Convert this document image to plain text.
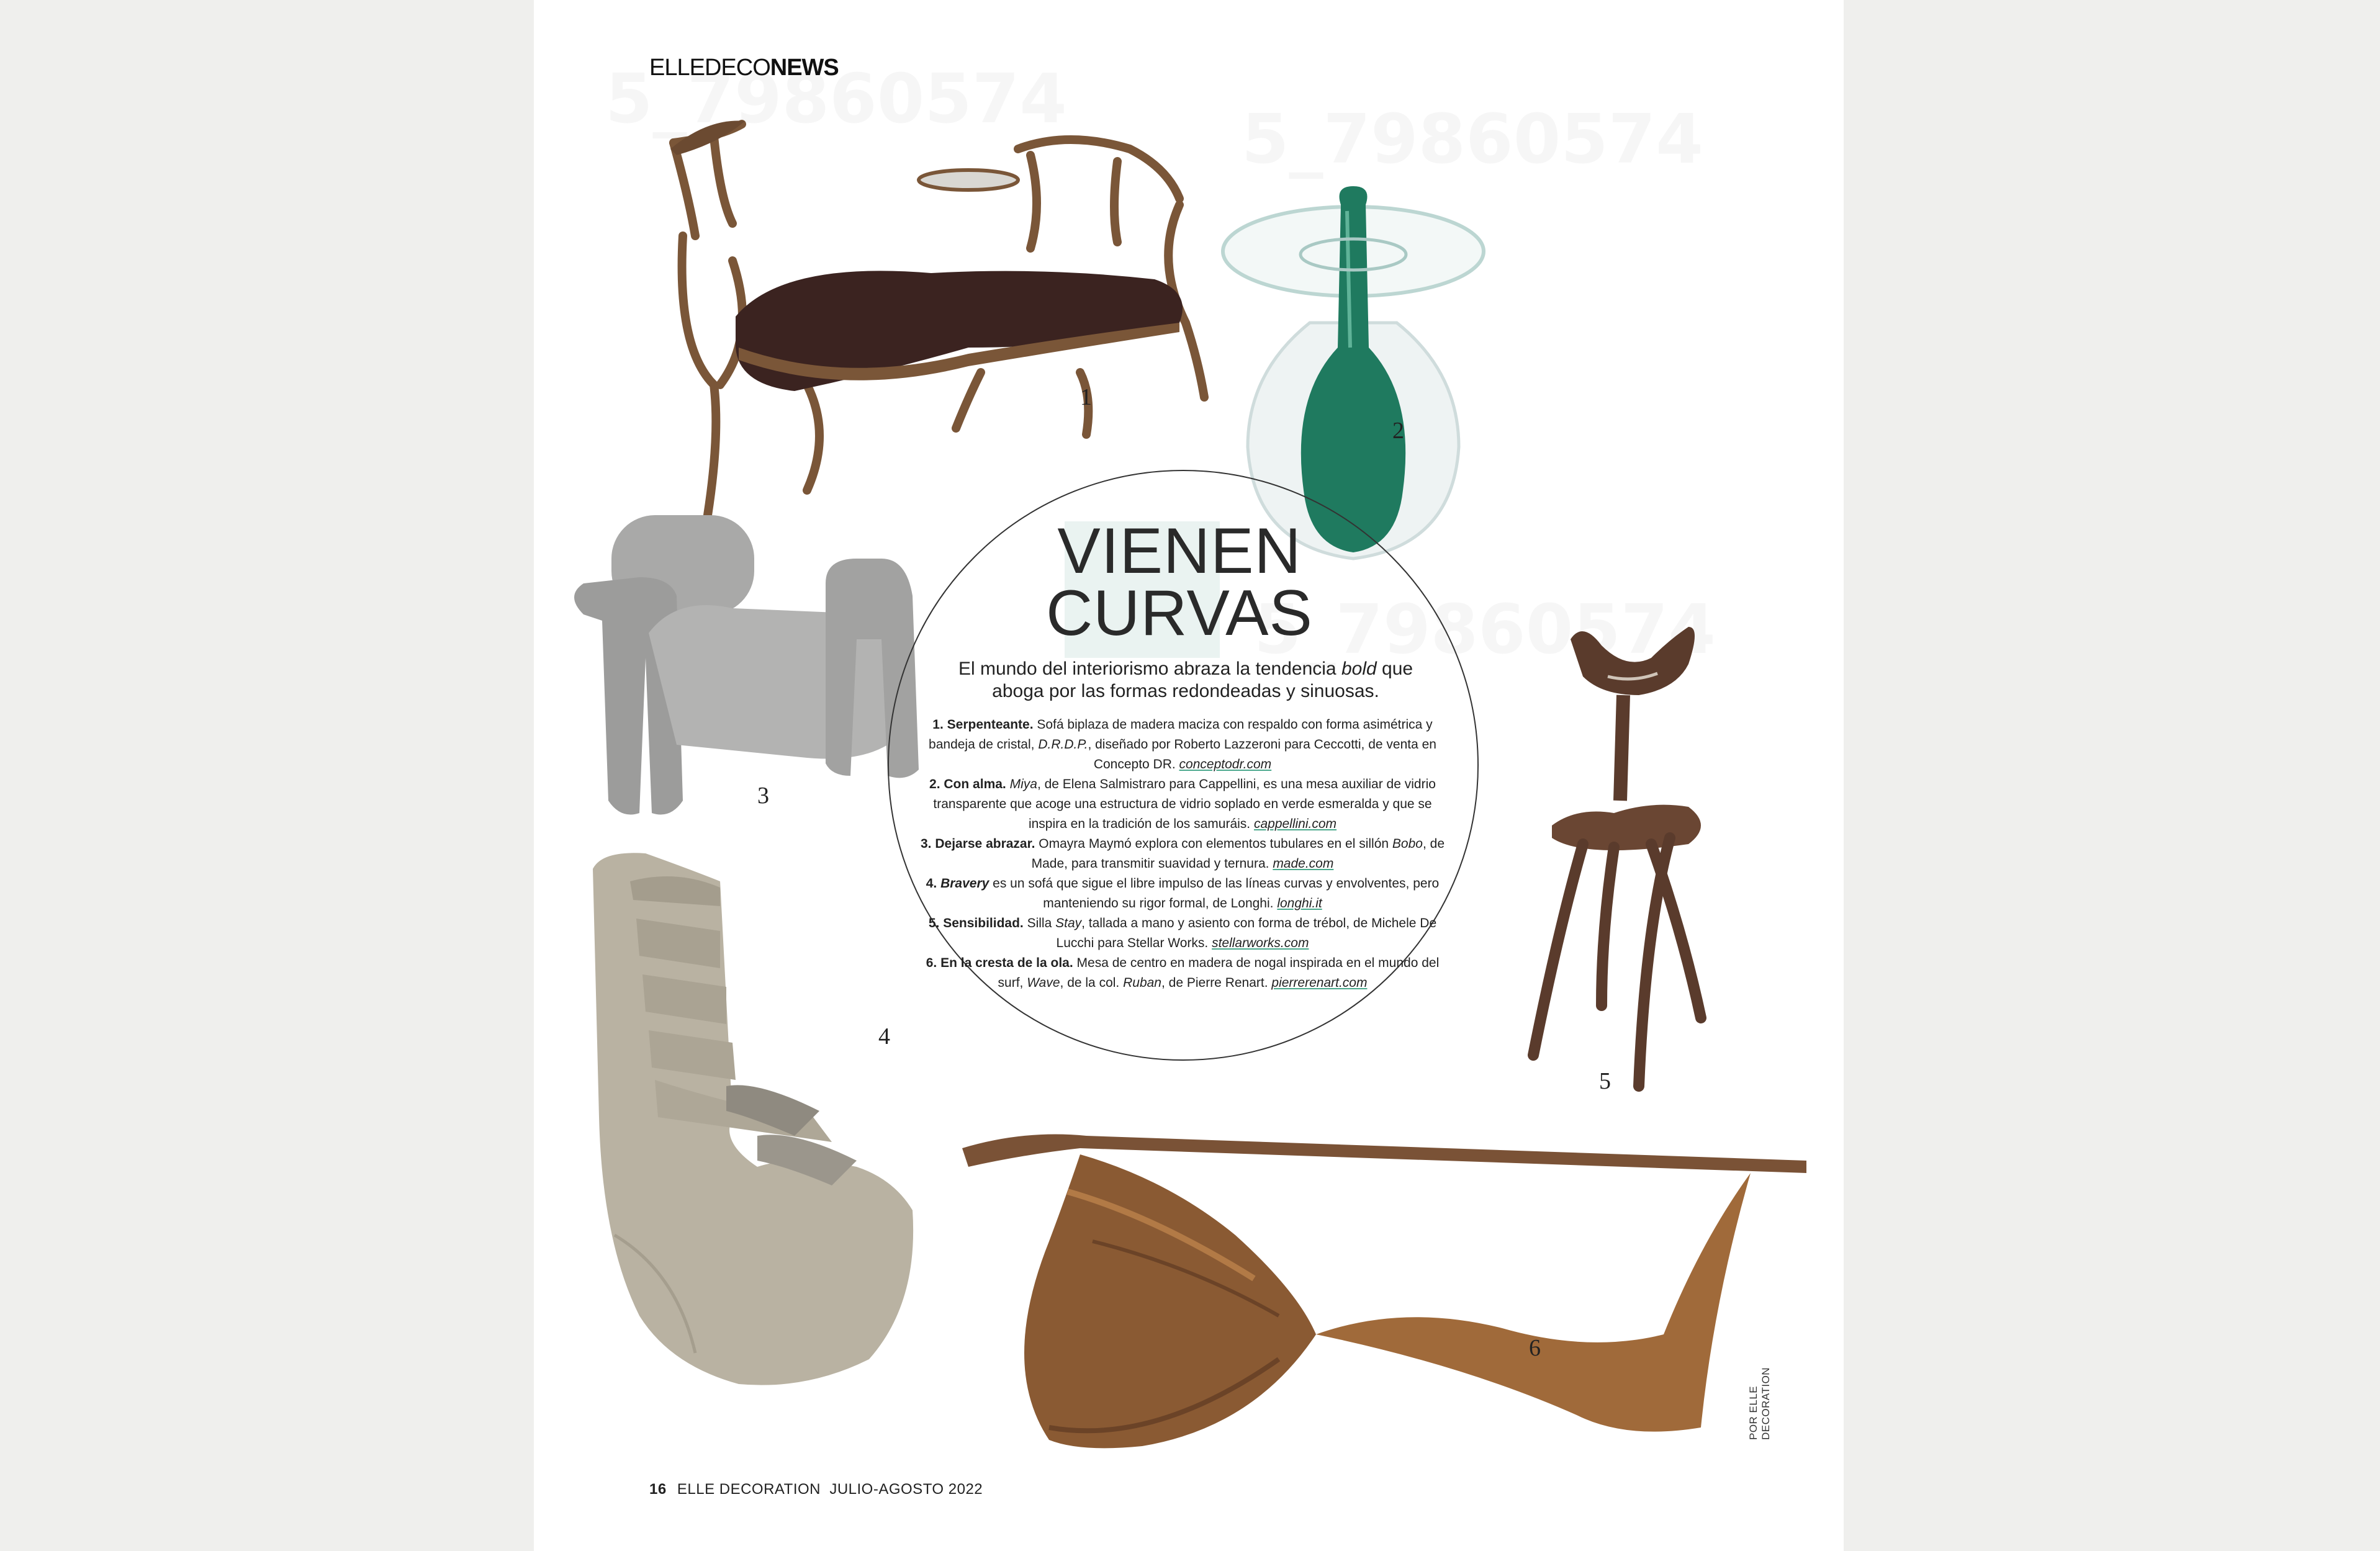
ELLEDECONEWS
1
2
3
4
5
6
VIENEN
CURVAS
El mundo del interiorismo abraza la tendencia bold que aboga por las formas redondeadas y sinuosas.
1. Serpenteante. Sofá biplaza de madera maciza con respaldo con forma asimétrica y bandeja de cristal, D.R.D.P., diseñado por Roberto Lazzeroni para Ceccotti, de venta en Concepto DR. conceptodr.com
2. Con alma. Miya, de Elena Salmistraro para Cappellini, es una mesa auxiliar de vidrio transparente que acoge una estructura de vidrio soplado en verde esmeralda y que se inspira en la tradición de los samuráis. cappellini.com
3. Dejarse abrazar. Omayra Maymó explora con elementos tubulares en el sillón Bobo, de Made, para transmitir suavidad y ternura. made.com
4. Bravery es un sofá que sigue el libre impulso de las líneas curvas y envolventes, pero manteniendo su rigor formal, de Longhi. longhi.it
5. Sensibilidad. Silla Stay, tallada a mano y asiento con forma de trébol, de Michele De Lucchi para Stellar Works. stellarworks.com
6. En la cresta de la ola. Mesa de centro en madera de nogal inspirada en el mundo del surf, Wave, de la col. Ruban, de Pierre Renart. pierrerenart.com
POR ELLE DECORATION
16 ELLE DECORATION JULIO-AGOSTO 2022
